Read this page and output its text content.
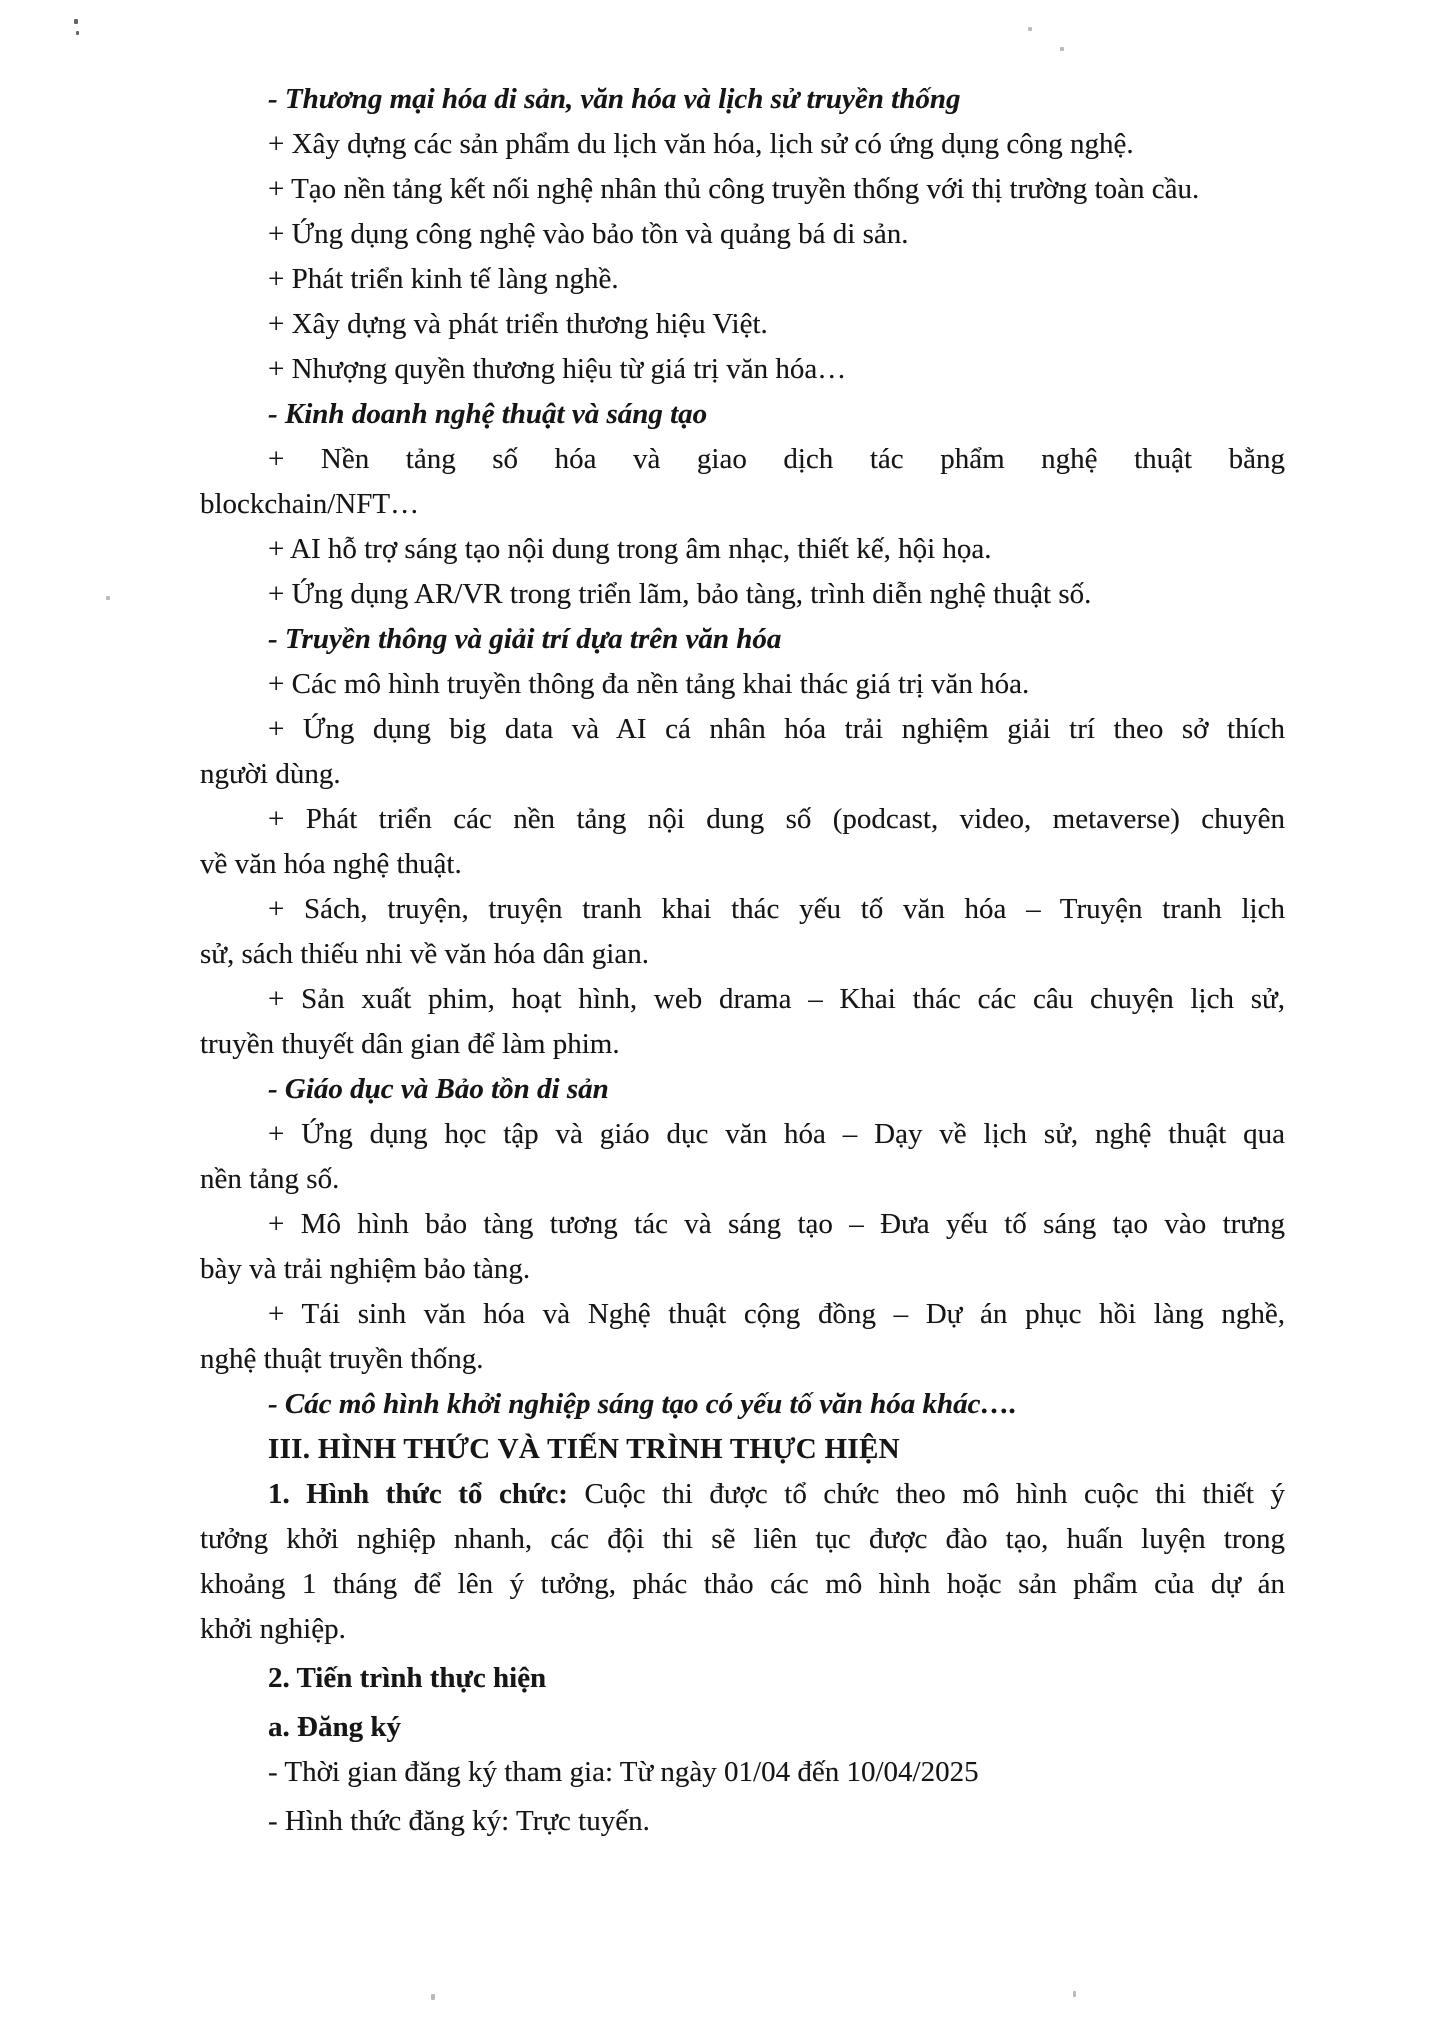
- Thương mại hóa di sản, văn hóa và lịch sử truyền thống
+ Xây dựng các sản phẩm du lịch văn hóa, lịch sử có ứng dụng công nghệ.
+ Tạo nền tảng kết nối nghệ nhân thủ công truyền thống với thị trường toàn cầu.
+ Ứng dụng công nghệ vào bảo tồn và quảng bá di sản.
+ Phát triển kinh tế làng nghề.
+ Xây dựng và phát triển thương hiệu Việt.
+ Nhượng quyền thương hiệu từ giá trị văn hóa…
- Kinh doanh nghệ thuật và sáng tạo
+ Nền tảng số hóa và giao dịch tác phẩm nghệ thuật bằng
blockchain/NFT…
+ AI hỗ trợ sáng tạo nội dung trong âm nhạc, thiết kế, hội họa.
+ Ứng dụng AR/VR trong triển lãm, bảo tàng, trình diễn nghệ thuật số.
- Truyền thông và giải trí dựa trên văn hóa
+ Các mô hình truyền thông đa nền tảng khai thác giá trị văn hóa.
+ Ứng dụng big data và AI cá nhân hóa trải nghiệm giải trí theo sở thích
người dùng.
+ Phát triển các nền tảng nội dung số (podcast, video, metaverse) chuyên
về văn hóa nghệ thuật.
+ Sách, truyện, truyện tranh khai thác yếu tố văn hóa – Truyện tranh lịch
sử, sách thiếu nhi về văn hóa dân gian.
+ Sản xuất phim, hoạt hình, web drama – Khai thác các câu chuyện lịch sử,
truyền thuyết dân gian để làm phim.
- Giáo dục và Bảo tồn di sản
+ Ứng dụng học tập và giáo dục văn hóa – Dạy về lịch sử, nghệ thuật qua
nền tảng số.
+ Mô hình bảo tàng tương tác và sáng tạo – Đưa yếu tố sáng tạo vào trưng
bày và trải nghiệm bảo tàng.
+ Tái sinh văn hóa và Nghệ thuật cộng đồng – Dự án phục hồi làng nghề,
nghệ thuật truyền thống.
- Các mô hình khởi nghiệp sáng tạo có yếu tố văn hóa khác….
III. HÌNH THỨC VÀ TIẾN TRÌNH THỰC HIỆN
1. Hình thức tổ chức: Cuộc thi được tổ chức theo mô hình cuộc thi thiết ý
tưởng khởi nghiệp nhanh, các đội thi sẽ liên tục được đào tạo, huấn luyện trong
khoảng 1 tháng để lên ý tưởng, phác thảo các mô hình hoặc sản phẩm của dự án
khởi nghiệp.
2. Tiến trình thực hiện
a. Đăng ký
- Thời gian đăng ký tham gia: Từ ngày 01/04 đến 10/04/2025
- Hình thức đăng ký: Trực tuyến.
